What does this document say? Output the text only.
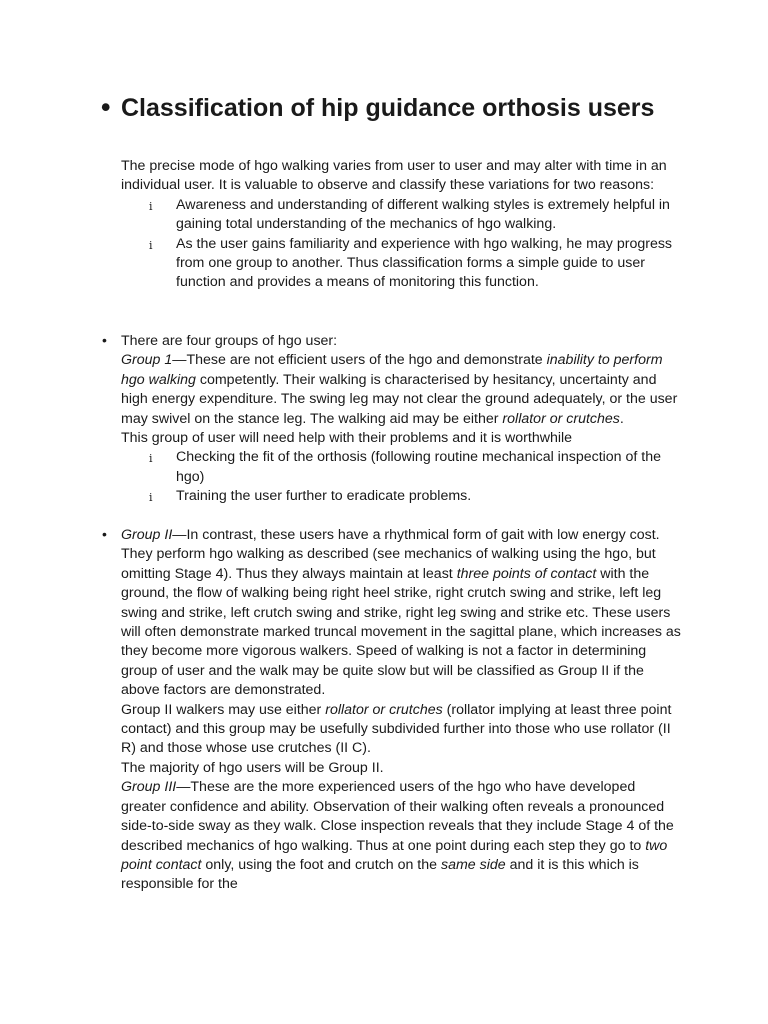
• Classification of hip guidance orthosis users

The precise mode of hgo walking varies from user to user and may alter with time in an individual user. It is valuable to observe and classify these variations for two reasons:

i Awareness and understanding of different walking styles is extremely helpful in gaining total understanding of the mechanics of hgo walking.
i As the user gains familiarity and experience with hgo walking, he may progress from one group to another. Thus classification forms a simple guide to user function and provides a means of monitoring this function.
• There are four groups of hgo user:

Group 1—These are not efficient users of the hgo and demonstrate inability to perform hgo walking competently. Their walking is characterised by hesitancy, uncertainty and high energy expenditure. The swing leg may not clear the ground adequately, or the user may swivel on the stance leg. The walking aid may be either rollator or crutches.

This group of user will need help with their problems and it is worthwhile

i Checking the fit of the orthosis (following routine mechanical inspection of the hgo)
i Training the user further to eradicate problems.
• Group II—In contrast, these users have a rhythmical form of gait with low energy cost. They perform hgo walking as described (see mechanics of walking using the hgo, but omitting Stage 4). Thus they always maintain at least three points of contact with the ground, the flow of walking being right heel strike, right crutch swing and strike, left leg swing and strike, left crutch swing and strike, right leg swing and strike etc. These users will often demonstrate marked truncal movement in the sagittal plane, which increases as they become more vigorous walkers. Speed of walking is not a factor in determining group of user and the walk may be quite slow but will be classified as Group II if the above factors are demonstrated.

Group II walkers may use either rollator or crutches (rollator implying at least three point contact) and this group may be usefully subdivided further into those who use rollator (II R) and those whose use crutches (II C).

The majority of hgo users will be Group II.

Group III—These are the more experienced users of the hgo who have developed greater confidence and ability. Observation of their walking often reveals a pronounced side-to-side sway as they walk. Close inspection reveals that they include Stage 4 of the described mechanics of hgo walking. Thus at one point during each step they go to two point contact only, using the foot and crutch on the same side and it is this which is responsible for the
